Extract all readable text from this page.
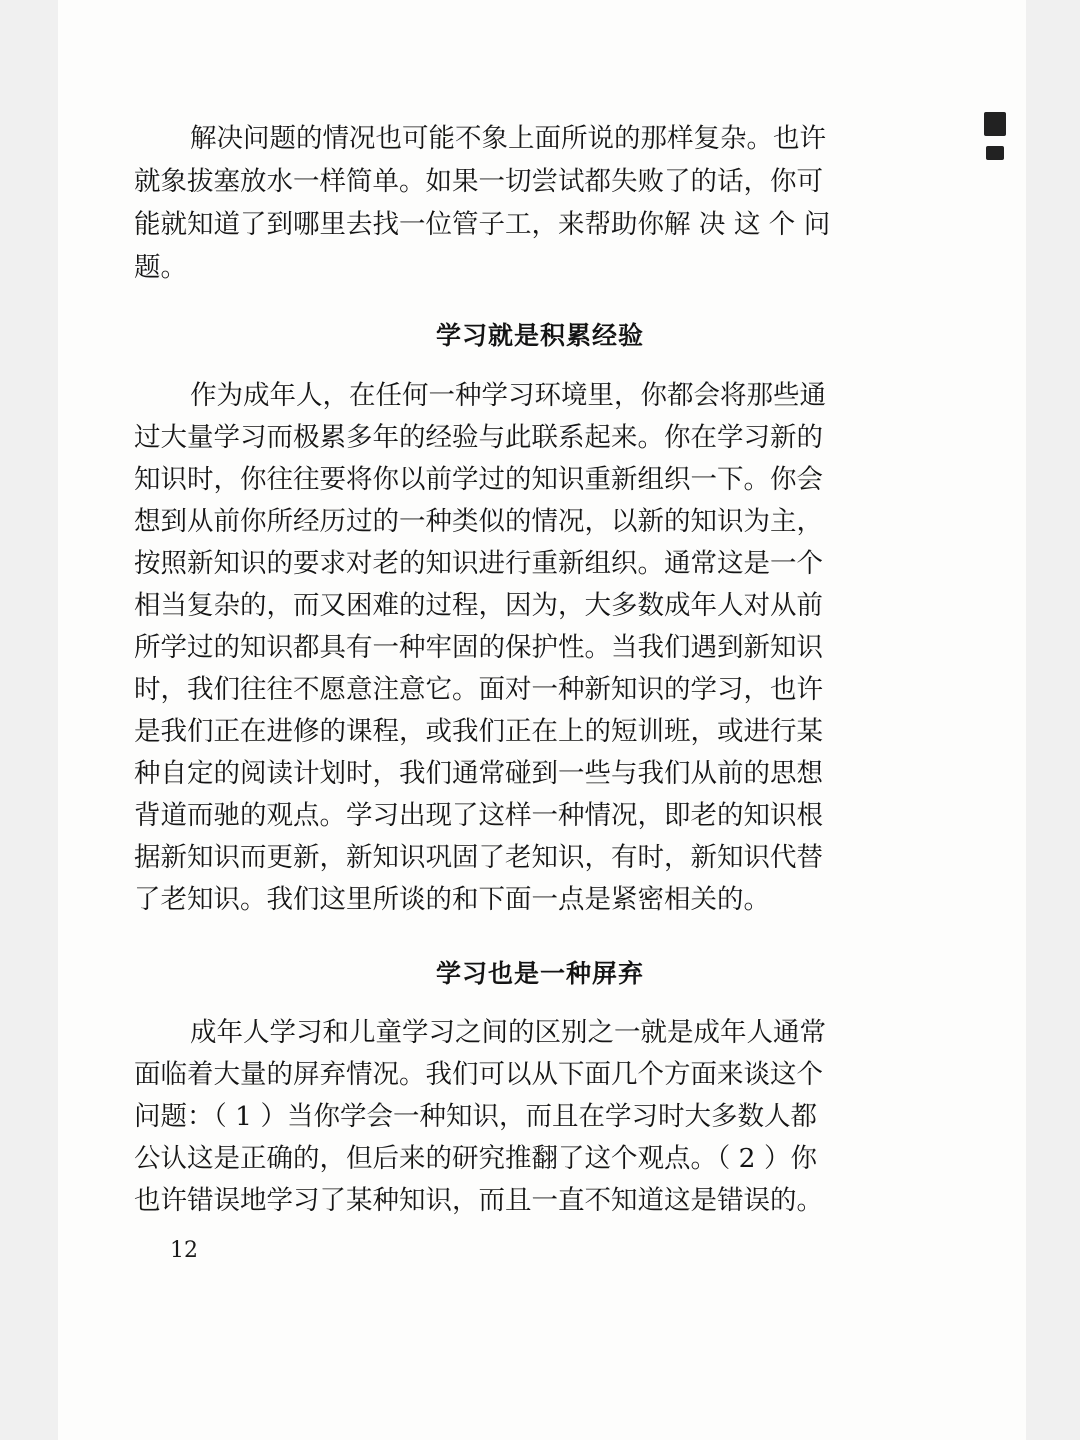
解决问题的情况也可能不象上面所说的那样复杂。也许
就象拔塞放水一样简单。如果一切尝试都失败了的话，你可
能就知道了到哪里去找一位管子工，来帮助你解 决 这 个 问
题。
学习就是积累经验
作为成年人，在任何一种学习环境里，你都会将那些通
过大量学习而极累多年的经验与此联系起来。你在学习新的
知识时，你往往要将你以前学过的知识重新组织一下。你会
想到从前你所经历过的一种类似的情况，以新的知识为主，
按照新知识的要求对老的知识进行重新组织。通常这是一个
相当复杂的，而又困难的过程，因为，大多数成年人对从前
所学过的知识都具有一种牢固的保护性。当我们遇到新知识
时，我们往往不愿意注意它。面对一种新知识的学习，也许
是我们正在进修的课程，或我们正在上的短训班，或进行某
种自定的阅读计划时，我们通常碰到一些与我们从前的思想
背道而驰的观点。学习出现了这样一种情况，即老的知识根
据新知识而更新，新知识巩固了老知识，有时，新知识代替
了老知识。我们这里所谈的和下面一点是紧密相关的。
学习也是一种屏弃
成年人学习和儿童学习之间的区别之一就是成年人通常
面临着大量的屏弃情况。我们可以从下面几个方面来谈这个
问题：（ 1 ）当你学会一种知识，而且在学习时大多数人都
公认这是正确的，但后来的研究推翻了这个观点。（ 2 ）你
也许错误地学习了某种知识，而且一直不知道这是错误的。
12
